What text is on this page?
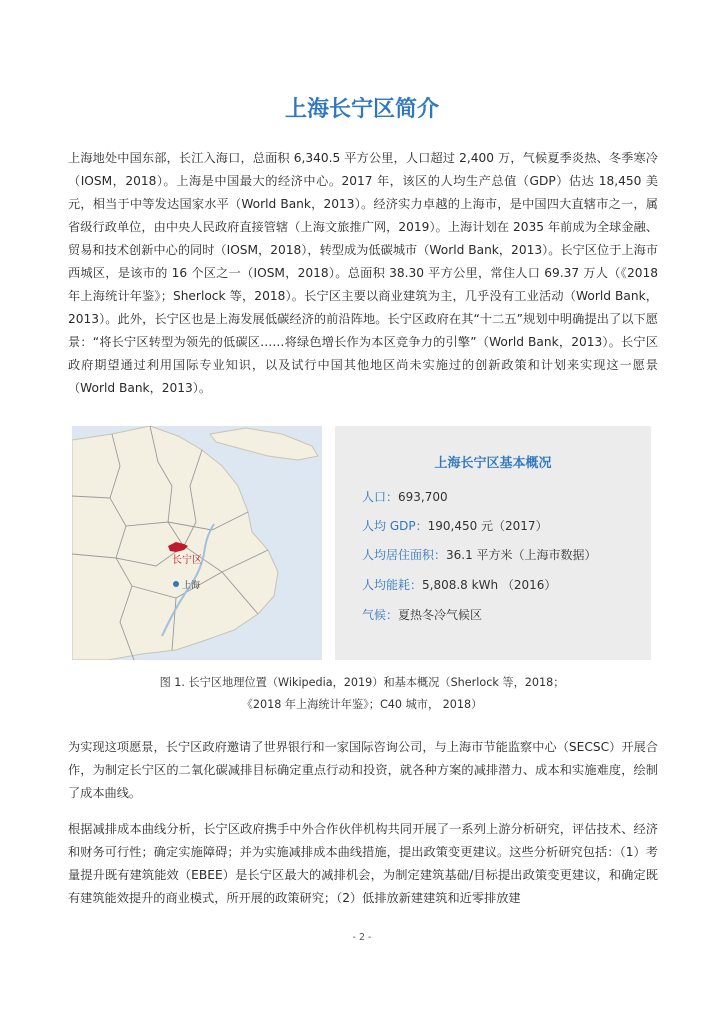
上海长宁区简介

上海地处中国东部，长江入海口，总面积 6,340.5 平方公里，人口超过 2,400 万，气候夏季炎热、冬季寒冷（IOSM，2018）。上海是中国最大的经济中心。2017 年，该区的人均生产总值（GDP）估达 18,450 美元，相当于中等发达国家水平（World Bank，2013）。经济实力卓越的上海市，是中国四大直辖市之一，属省级行政单位，由中央人民政府直接管辖（上海文旅推广网，2019）。上海计划在 2035 年前成为全球金融、贸易和技术创新中心的同时（IOSM，2018），转型成为低碳城市（World Bank，2013）。长宁区位于上海市西城区，是该市的 16 个区之一（IOSM，2018）。总面积 38.30 平方公里，常住人口 69.37 万人（《2018 年上海统计年鉴》；Sherlock 等，2018）。长宁区主要以商业建筑为主，几乎没有工业活动（World Bank，2013）。此外，长宁区也是上海发展低碳经济的前沿阵地。长宁区政府在其“十二五”规划中明确提出了以下愿景：“将长宁区转型为领先的低碳区……将绿色增长作为本区竞争力的引擎”（World Bank，2013）。长宁区政府期望通过利用国际专业知识，以及试行中国其他地区尚未实施过的创新政策和计划来实现这一愿景（World Bank，2013）。

长宁区
上海
上海长宁区基本概况
人口：693,700
人均 GDP：190,450 元（2017）
人均居住面积：36.1 平方米（上海市数据）
人均能耗：5,808.8 kWh （2016）
气候：夏热冬冷气候区

图 1. 长宁区地理位置（Wikipedia，2019）和基本概况（Sherlock 等，2018；

《2018 年上海统计年鉴》；C40 城市， 2018）

为实现这项愿景，长宁区政府邀请了世界银行和一家国际咨询公司，与上海市节能监察中心（SECSC）开展合作，为制定长宁区的二氧化碳减排目标确定重点行动和投资，就各种方案的减排潜力、成本和实施难度，绘制了成本曲线。

根据减排成本曲线分析，长宁区政府携手中外合作伙伴机构共同开展了一系列上游分析研究，评估技术、经济和财务可行性；确定实施障碍；并为实施减排成本曲线措施，提出政策变更建议。这些分析研究包括：（1）考量提升既有建筑能效（EBEE）是长宁区最大的减排机会，为制定建筑基础/目标提出政策变更建议，和确定既有建筑能效提升的商业模式，所开展的政策研究；（2）低排放新建建筑和近零排放建

- 2 -
